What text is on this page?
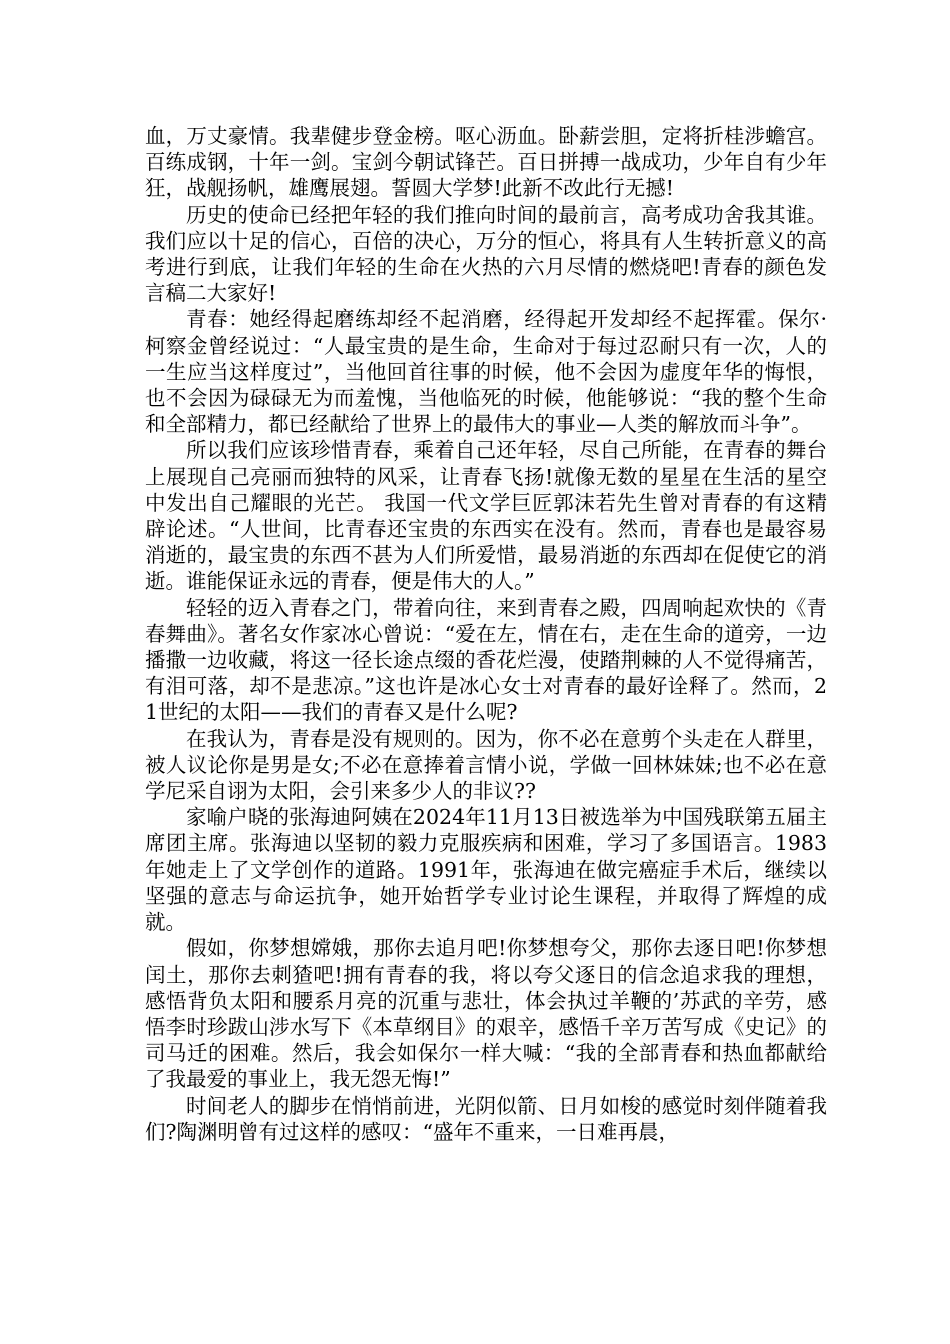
血，万丈豪情。我辈健步登金榜。呕心沥血。卧薪尝胆，定将折桂涉蟾宫。百练成钢，十年一剑。宝剑今朝试锋芒。百日拼搏一战成功，少年自有少年狂，战舰扬帆，雄鹰展翅。誓圆大学梦!此新不改此行无撼!

历史的使命已经把年轻的我们推向时间的最前言，高考成功舍我其谁。我们应以十足的信心，百倍的决心，万分的恒心，将具有人生转折意义的高考进行到底，让我们年轻的生命在火热的六月尽情的燃烧吧!青春的颜色发言稿二大家好!

青春：她经得起磨练却经不起消磨，经得起开发却经不起挥霍。保尔·柯察金曾经说过：“人最宝贵的是生命，生命对于每过忍耐只有一次，人的一生应当这样度过”，当他回首往事的时候，他不会因为虚度年华的悔恨，也不会因为碌碌无为而羞愧，当他临死的时候，他能够说：“我的整个生命和全部精力，都已经献给了世界上的最伟大的事业—人类的解放而斗争”。

所以我们应该珍惜青春，乘着自己还年轻，尽自己所能，在青春的舞台上展现自己亮丽而独特的风采，让青春飞扬!就像无数的星星在生活的星空中发出自己耀眼的光芒。 我国一代文学巨匠郭沫若先生曾对青春的有这精辟论述。“人世间，比青春还宝贵的东西实在没有。然而，青春也是最容易消逝的，最宝贵的东西不甚为人们所爱惜，最易消逝的东西却在促使它的消逝。谁能保证永远的青春，便是伟大的人。”

轻轻的迈入青春之门，带着向往，来到青春之殿，四周响起欢快的《青春舞曲》。著名女作家冰心曾说：“爱在左，情在右，走在生命的道旁，一边播撒一边收藏，将这一径长途点缀的香花烂漫，使踏荆棘的人不觉得痛苦，有泪可落，却不是悲凉。”这也许是冰心女士对青春的最好诠释了。然而，21世纪的太阳——我们的青春又是什么呢?

在我认为，青春是没有规则的。因为，你不必在意剪个头走在人群里，被人议论你是男是女;不必在意捧着言情小说，学做一回林妹妹;也不必在意学尼采自诩为太阳，会引来多少人的非议??

家喻户晓的张海迪阿姨在2024年11月13日被选举为中国残联第五届主席团主席。张海迪以坚韧的毅力克服疾病和困难，学习了多国语言。1983年她走上了文学创作的道路。1991年，张海迪在做完癌症手术后，继续以坚强的意志与命运抗争，她开始哲学专业讨论生课程，并取得了辉煌的成就。

假如，你梦想嫦娥，那你去追月吧!你梦想夸父，那你去逐日吧!你梦想闰土，那你去刺猹吧!拥有青春的我，将以夸父逐日的信念追求我的理想，感悟背负太阳和腰系月亮的沉重与悲壮，体会执过羊鞭的’苏武的辛劳，感悟李时珍跋山涉水写下《本草纲目》的艰辛，感悟千辛万苦写成《史记》的司马迁的困难。然后，我会如保尔一样大喊：“我的全部青春和热血都献给了我最爱的事业上，我无怨无悔!”

时间老人的脚步在悄悄前进，光阴似箭、日月如梭的感觉时刻伴随着我们?陶渊明曾有过这样的感叹：“盛年不重来，一日难再晨，
